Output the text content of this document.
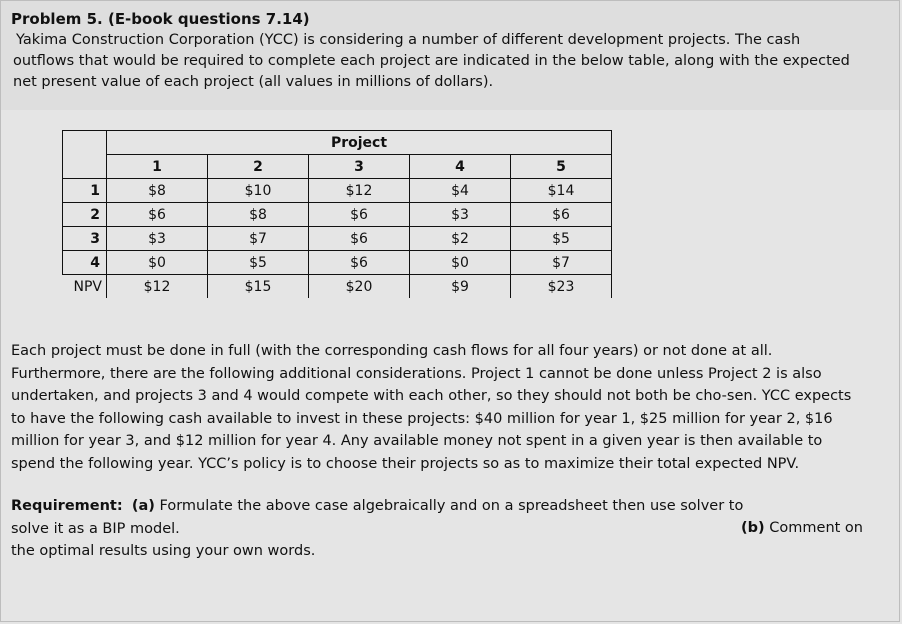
Problem 5. (E-book questions 7.14)

Yakima Construction Corporation (YCC) is considering a number of different development projects. The cash
outflows that would be required to complete each project are indicated in the below table, along with the expected
net present value of each project (all values in millions of dollars).

	Project				
	1	2	3	4	5
1	$8	$10	$12	$4	$14
2	$6	$8	$6	$3	$6
3	$3	$7	$6	$2	$5
4	$0	$5	$6	$0	$7
NPV	$12	$15	$20	$9	$23

Each project must be done in full (with the corresponding cash flows for all four years) or not done at all.
Furthermore, there are the following additional considerations. Project 1 cannot be done unless Project 2 is also
undertaken, and projects 3 and 4 would compete with each other, so they should not both be cho-sen. YCC expects
to have the following cash available to invest in these projects: $40 million for year 1, $25 million for year 2, $16
million for year 3, and $12 million for year 4. Any available money not spent in a given year is then available to
spend the following year. YCC’s policy is to choose their projects so as to maximize their total expected NPV.

Requirement: (a) Formulate the above case algebraically and on a spreadsheet then use solver to
solve it as a BIP model.	(b) Comment on
the optimal results using your own words.
